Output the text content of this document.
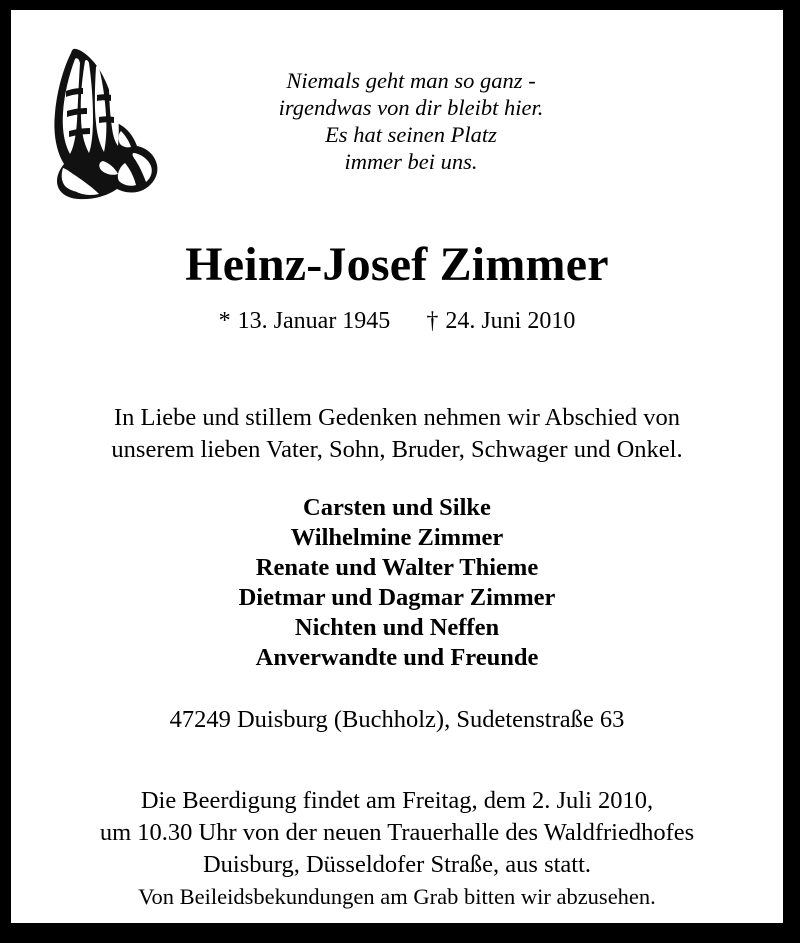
Niemals geht man so ganz -
irgendwas von dir bleibt hier.
Es hat seinen Platz
immer bei uns.
Heinz-Josef Zimmer
* 13. Januar 1945 † 24. Juni 2010
In Liebe und stillem Gedenken nehmen wir Abschied von
unserem lieben Vater, Sohn, Bruder, Schwager und Onkel.
Carsten und Silke
Wilhelmine Zimmer
Renate und Walter Thieme
Dietmar und Dagmar Zimmer
Nichten und Neffen
Anverwandte und Freunde
47249 Duisburg (Buchholz), Sudetenstraße 63
Die Beerdigung findet am Freitag, dem 2. Juli 2010,
um 10.30 Uhr von der neuen Trauerhalle des Waldfriedhofes
Duisburg, Düsseldofer Straße, aus statt.
Von Beileidsbekundungen am Grab bitten wir abzusehen.
